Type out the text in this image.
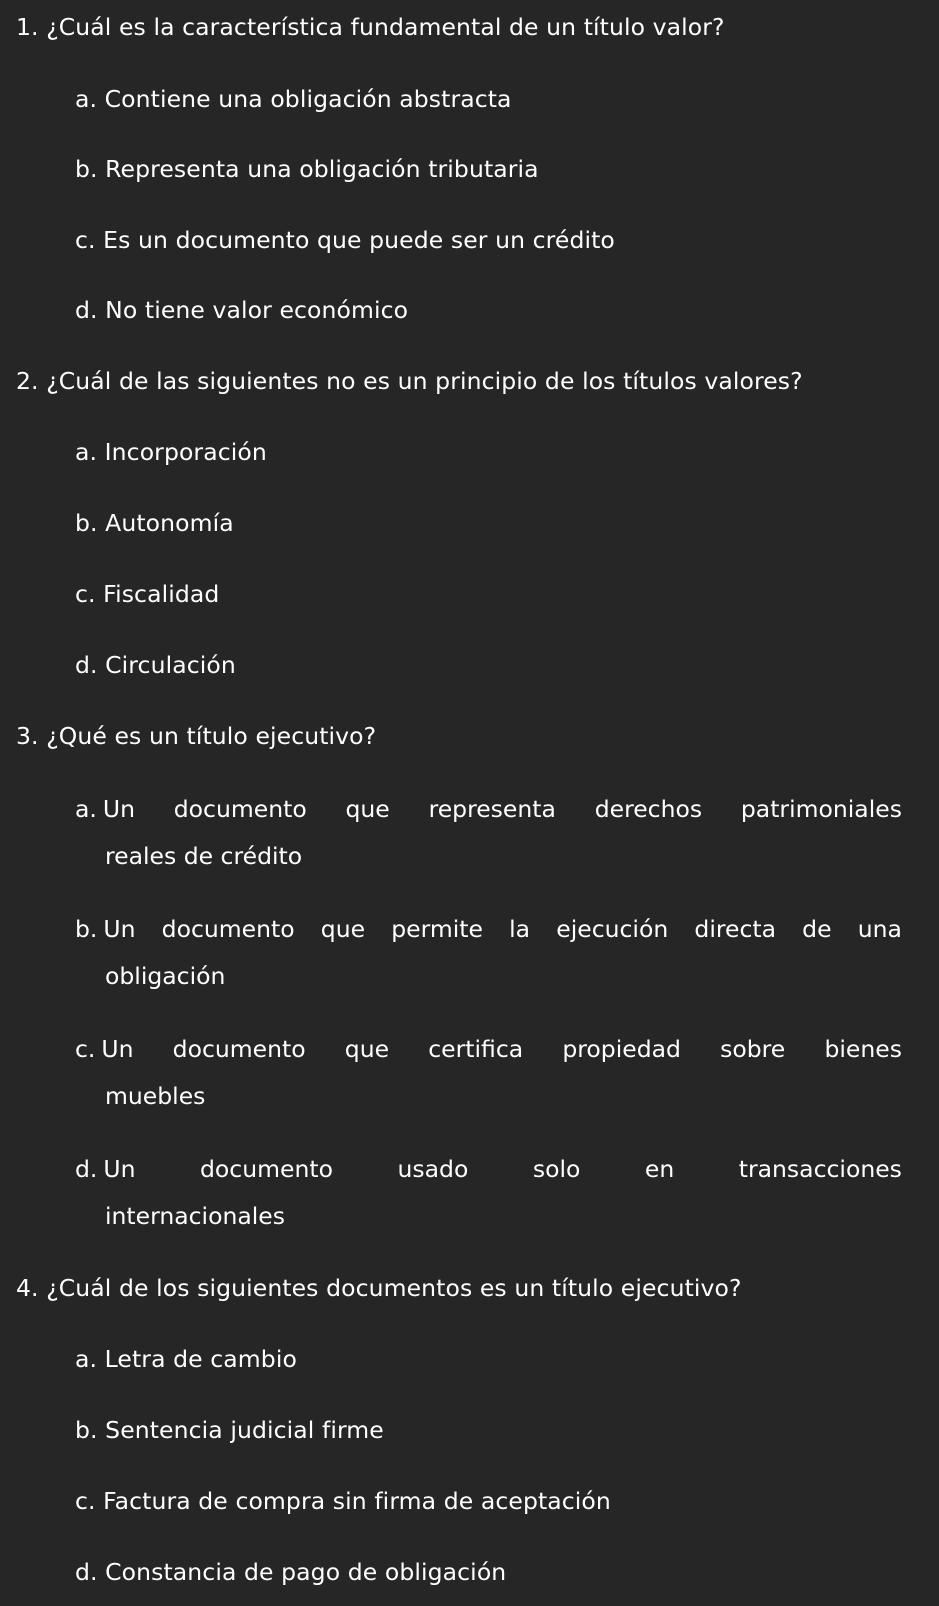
1. ¿Cuál es la característica fundamental de un título valor?
a. Contiene una obligación abstracta
b. Representa una obligación tributaria
c. Es un documento que puede ser un crédito
d. No tiene valor económico
2. ¿Cuál de las siguientes no es un principio de los títulos valores?
a. Incorporación
b. Autonomía
c. Fiscalidad
d. Circulación
3. ¿Qué es un título ejecutivo?
a. Un documento que representa derechos patrimoniales
reales de crédito
b. Un documento que permite la ejecución directa de una
obligación
c. Un documento que certifica propiedad sobre bienes
muebles
d. Un	documento	usado	solo	en	transacciones
internacionales
4. ¿Cuál de los siguientes documentos es un título ejecutivo?
a. Letra de cambio
b. Sentencia judicial firme
c. Factura de compra sin firma de aceptación
d. Constancia de pago de obligación
